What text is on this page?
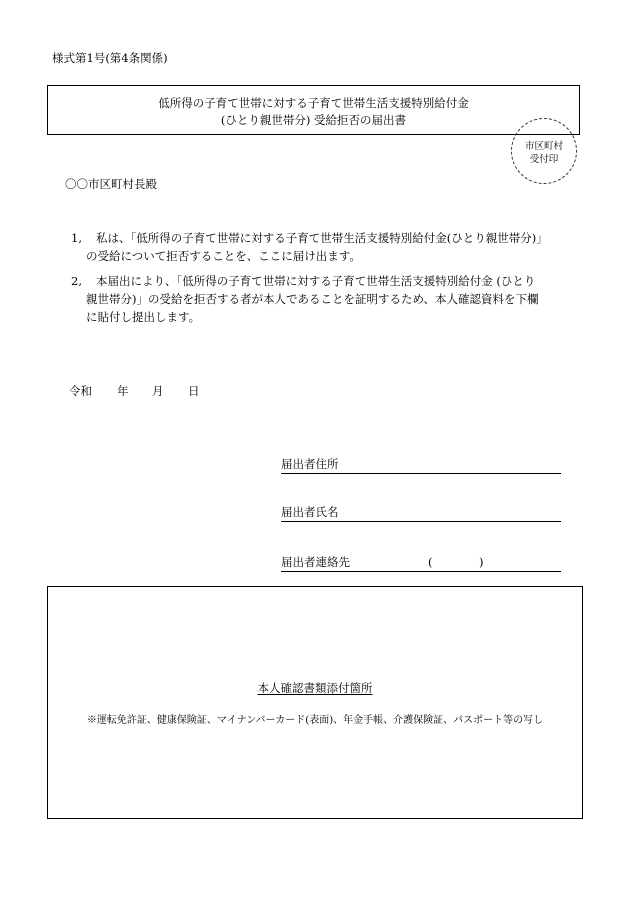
様式第1号(第4条関係)
低所得の子育て世帯に対する子育て世帯生活支援特別給付金
(ひとり親世帯分) 受給拒否の届出書
市区町村
受付印
〇〇市区町村長殿
1, 私は、「低所得の子育て世帯に対する子育て世帯生活支援特別給付金(ひとり親世帯分)」
の受給について拒否することを、ここに届け出ます。
2, 本届出により、「低所得の子育て世帯に対する子育て世帯生活支援特別給付金 (ひとり
親世帯分)」の受給を拒否する者が本人であることを証明するため、本人確認資料を下欄
に貼付し提出します。
令和 年 月 日
届出者住所
届出者氏名
届出者連絡先	(	)
本人確認書類添付箇所
※運転免許証、健康保険証、マイナンバーカード(表面)、年金手帳、介護保険証、パスポート等の写し
